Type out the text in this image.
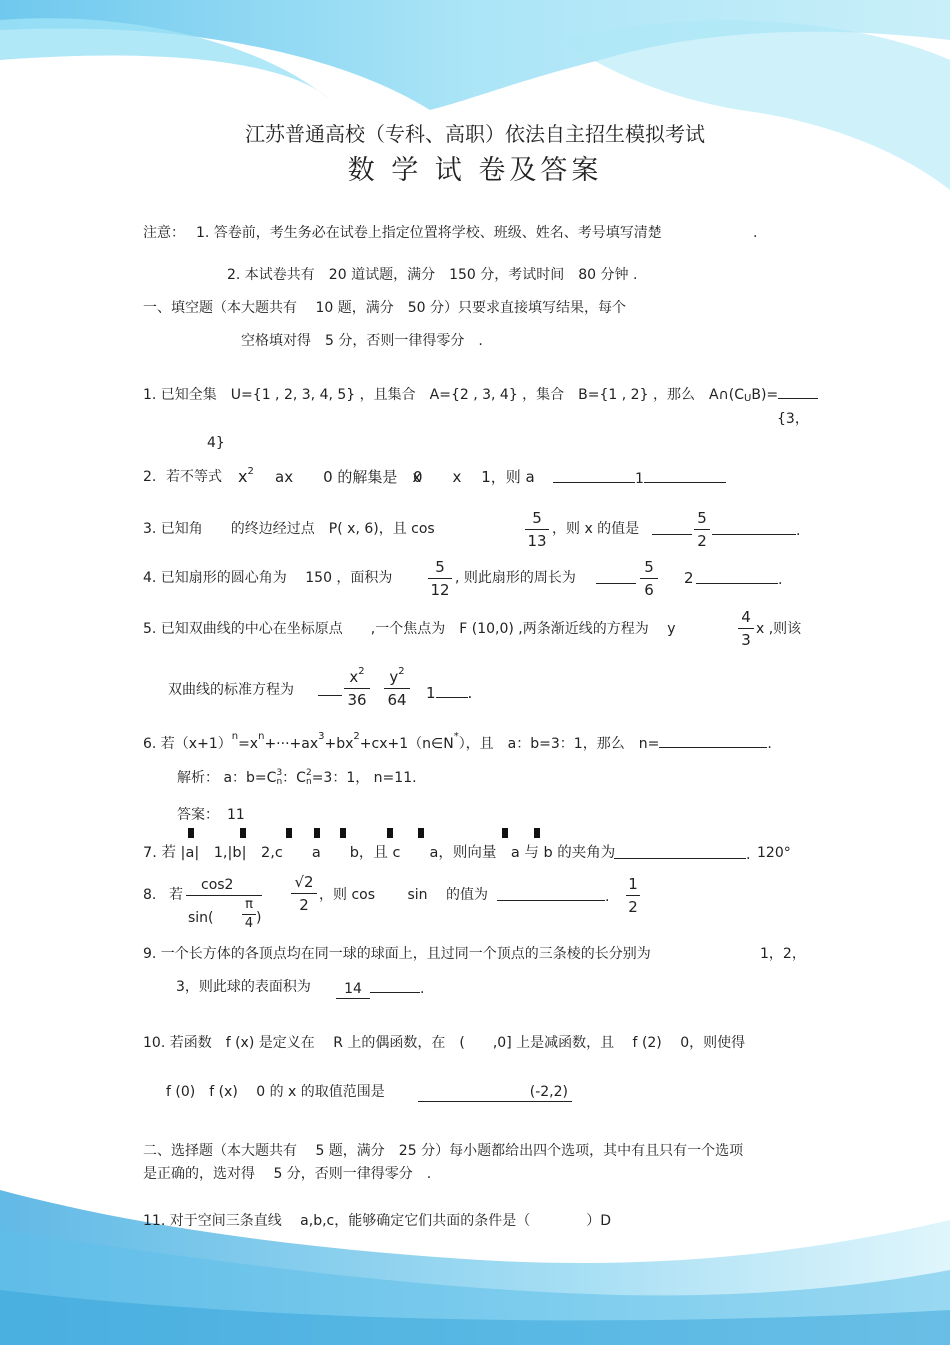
江苏普通高校（专科、高职）依法自主招生模拟考试
数 学 试 卷及答案
注意： 1. 答卷前，考生务必在试卷上指定位置将学校、班级、姓名、考号填写清楚	.
2. 本试卷共有　20 道试题，满分　150 分，考试时间　80 分钟 .
一、填空题（本大题共有　 10 题，满分　50 分）只要求直接填写结果，每个
空格填对得　5 分，否则一律得零分　.
1. 已知全集　U={1 , 2, 3, 4, 5} ，且集合　A={2 , 3, 4} ，集合　B={1 , 2} ，那么　$A\cap(C_UB)=$
{3，
4}
2. 若不等式 $x^2$ ax　　0 的解集是　x
0　　x　 1，则 a	1
3. 已知角　　的终边经过点　P( x, 6)，且 cos
5
13
，则 x 的值是
5
2
.
4. 已知扇形的圆心角为　 150 ，面积为
5
12
, 则此扇形的周长为
5
6
2	.
5. 已知双曲线的中心在坐标原点　　,一个焦点为　F (10,0) ,两条渐近线的方程为　 y
4
3
x ,则该
双曲线的标准方程为
$x^2$
36
$y^2$
64 1 .
6. 若$(x+1)^n=x^n+\cdot\cdot\cdot+ax^3+bx^2+cx+1(n\in N^*)$，且　a：b=3：1，那么　n=	.
解析： a：b=C 3
n ：C 2
n =3：1， n=11.
答案： 11
7. 若 |a|　1,|b|　2,c　　a　　b，且 c　　a，则向量　a 与 b 的夹角为	. 120°
8. 若
cos2
sin(
π
4 )
√2
2
，则 cos　　 sin　 的值为	.
1
2
9. 一个长方体的各顶点均在同一球的球面上，且过同一个顶点的三条棱的长分别为	1，2，
3，则此球的表面积为	14	.
10. 若函数　f (x) 是定义在　 R 上的偶函数，在　(　　,0] 上是减函数，且　 f (2)　 0，则使得
f (0)　f (x)　 0 的 x 的取值范围是	(-2,2)
二、选择题（本大题共有　 5 题，满分　25 分）每小题都给出四个选项，其中有且只有一个选项
是正确的，选对得　 5 分，否则一律得零分　.
11. 对于空间三条直线　 a,b,c，能够确定它们共面的条件是（　　　　）D
